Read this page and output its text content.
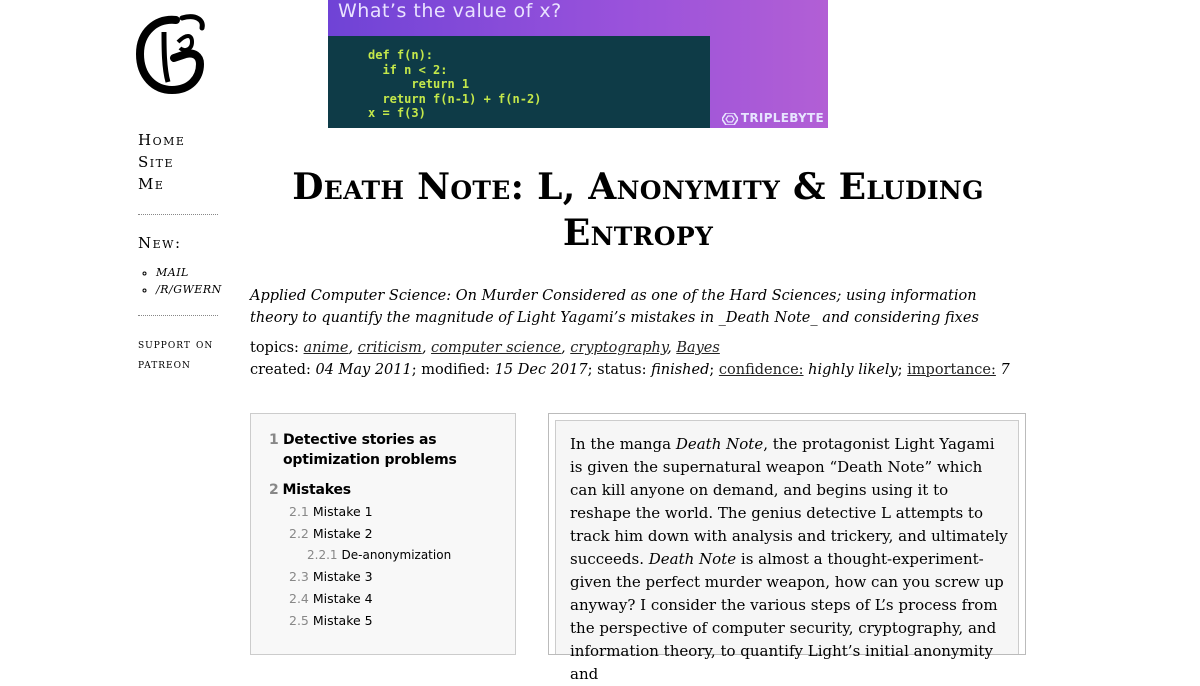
Home
Site
Me
New:
◦ MAIL
◦ /R/GWERN
support on patreon
What’s the value of x?
def f(n):
if n < 2:
return 1
return f(n-1) + f(n-2)
x = f(3)	TRIPLEBYTE
Death Note: L, Anonymity & Eluding Entropy

Applied Computer Science: On Murder Considered as one of the Hard Sciences; using information theory to quantify the magnitude of Light Yagami’s mistakes in _Death Note_ and considering fixes

topics: anime, criticism, computer science, cryptography, Bayes
created: 04 May 2011; modified: 15 Dec 2017; status: finished; confidence: highly likely; importance: 7
1 Detective stories as optimization problems
2 Mistakes
2.1 Mistake 1
2.2 Mistake 2
2.2.1 De-anonymization
2.3 Mistake 3
2.4 Mistake 4
2.5 Mistake 5

In the manga Death Note, the protagonist Light Yagami is given the supernatural weapon “Death Note” which can kill anyone on demand, and begins using it to reshape the world. The genius detective L attempts to track him down with analysis and trickery, and ultimately succeeds. Death Note is almost a thought-experiment-given the perfect murder weapon, how can you screw up anyway? I consider the various steps of L’s process from the perspective of computer security, cryptography, and information theory, to quantify Light’s initial anonymity and
